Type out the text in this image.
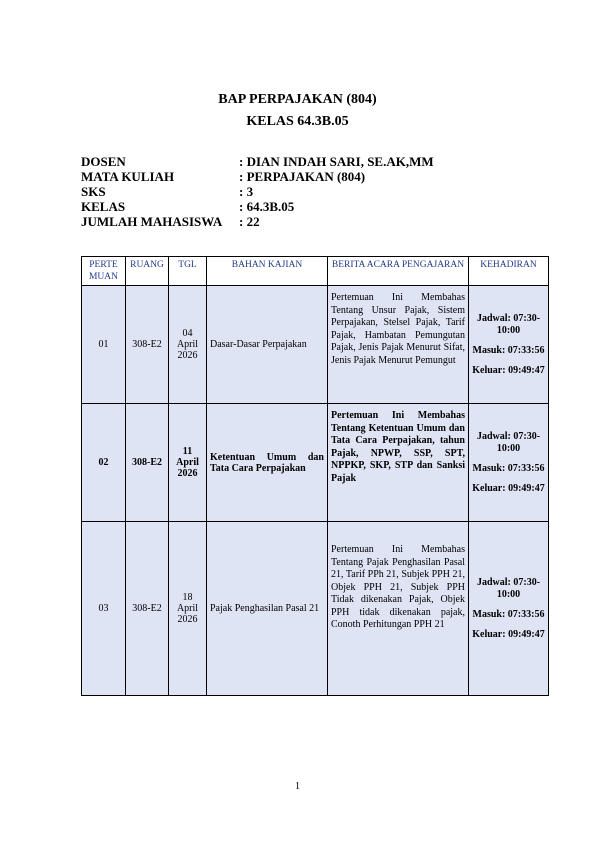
BAP PERPAJAKAN (804)
KELAS 64.3B.05
DOSEN	: DIAN INDAH SARI, SE.AK,MM
MATA KULIAH	: PERPAJAKAN (804)
SKS	: 3
KELAS	: 64.3B.05
JUMLAH MAHASISWA	: 22
PERTE MUAN	RUANG	TGL	BAHAN KAJIAN	BERITA ACARA PENGAJARAN	KEHADIRAN
01	308-E2	04 April 2026	Dasar-Dasar Perpajakan	Pertemuan Ini Membahas Tentang Unsur Pajak, Sistem Perpajakan, Stelsel Pajak, Tarif Pajak, Hambatan Pemungutan Pajak, Jenis Pajak Menurut Sifat, Jenis Pajak Menurut Pemungut	Jadwal: 07:30-10:00
Masuk: 07:33:56
Keluar: 09:49:47

02	308-E2	11 April 2026	Ketentuan Umum dan Tata Cara Perpajakan	Pertemuan Ini Membahas Tentang Ketentuan Umum dan Tata Cara Perpajakan, tahun Pajak, NPWP, SSP, SPT, NPPKP, SKP, STP dan Sanksi Pajak	Jadwal: 07:30-10:00
Masuk: 07:33:56
Keluar: 09:49:47

03	308-E2	18 April 2026	Pajak Penghasilan Pasal 21	Pertemuan Ini Membahas Tentang Pajak Penghasilan Pasal 21, Tarif PPh 21, Subjek PPH 21, Objek PPH 21, Subjek PPH Tidak dikenakan Pajak, Objek PPH tidak dikenakan pajak, Conoth Perhitungan PPH 21	Jadwal: 07:30-10:00
Masuk: 07:33:56
Keluar: 09:49:47
1
